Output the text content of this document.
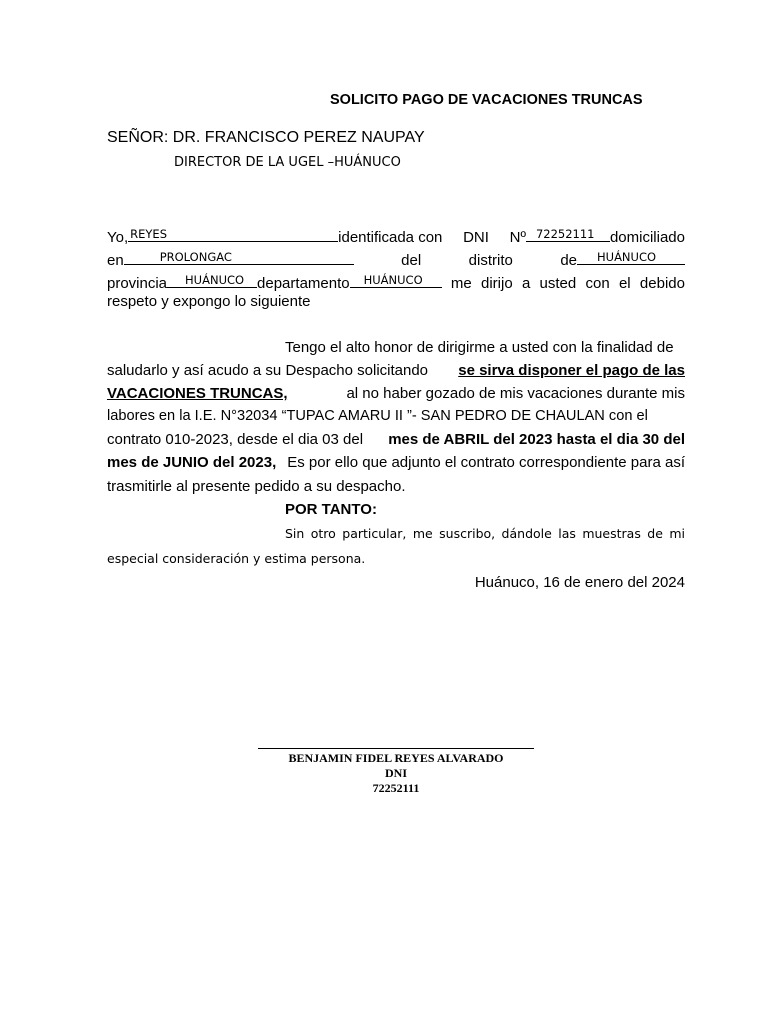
SOLICITO PAGO DE VACACIONES TRUNCAS
SEÑOR: DR. FRANCISCO PEREZ NAUPAY
DIRECTOR DE LA UGEL –HUÁNUCO
Yo, REYES	identificada con DNI Nº 72252111 domiciliado
en	PROLONGAC	del	distrito	de HUÁNUCO
provincia HUÁNUCO departamento HUÁNUCO me dirijo a usted con el debido
respeto y expongo lo siguiente
Tengo el alto honor de dirigirme a usted con la finalidad de
saludarlo y así acudo a su Despacho solicitando se sirva disponer el pago de las
VACACIONES TRUNCAS,	al no haber gozado de mis vacaciones durante mis
labores en la I.E. N°32034 “TUPAC AMARU II ”- SAN PEDRO DE CHAULAN con el
contrato 010-2023, desde el dia 03 del mes de ABRIL del 2023 hasta el dia 30 del
mes de JUNIO del 2023, Es por ello que adjunto el contrato correspondiente para así
trasmitirle al presente pedido a su despacho.
POR TANTO:
Sin otro particular, me suscribo, dándole las muestras de mi
especial consideración y estima persona.
Huánuco, 16 de enero del 2024
BENJAMIN FIDEL REYES ALVARADO
DNI
72252111
